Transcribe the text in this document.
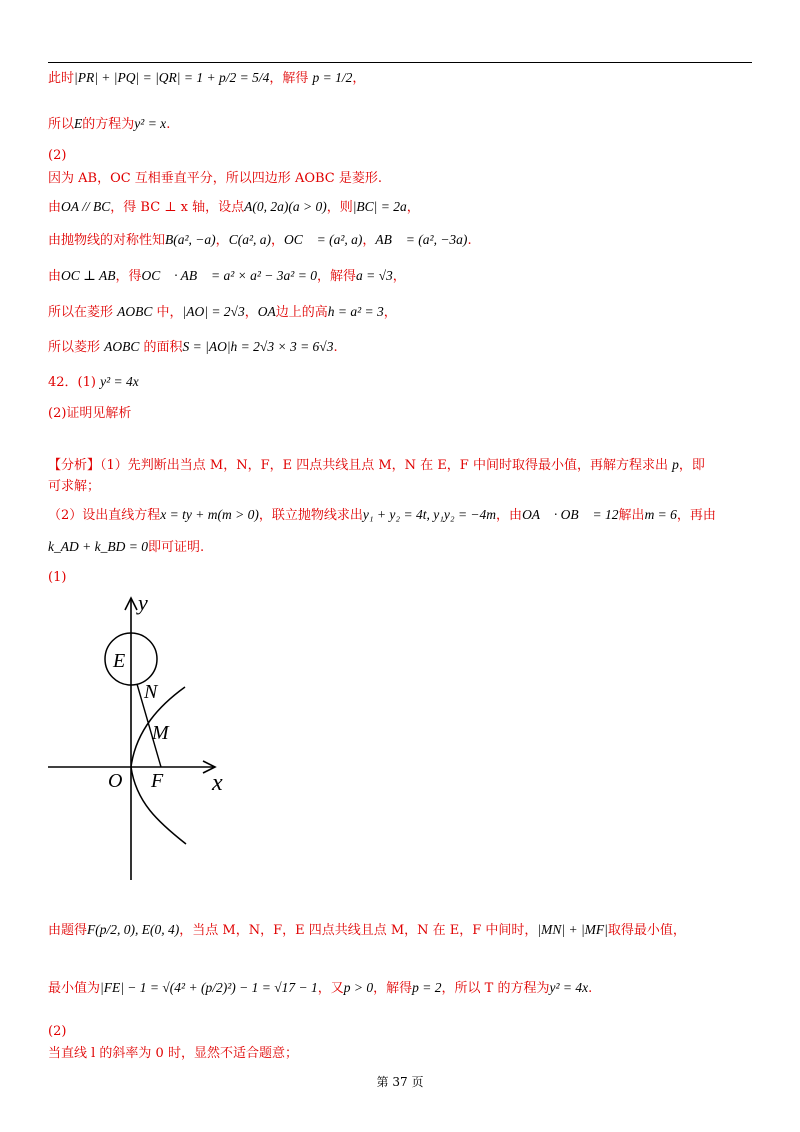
此时|PR| + |PQ| = |QR| = 1 + p/2 = 5/4，解得 p = 1/2，
所以E的方程为y² = x.
(2)
因为 AB，OC 互相垂直平分，所以四边形 AOBC 是菱形.
由OA // BC，得 BC ⊥ x 轴，设点A(0, 2a)(a > 0)，则|BC| = 2a，
由抛物线的对称性知B(a², −a)，C(a², a)，OC⃗ = (a², a)，AB⃗ = (a², −3a).
由OC ⊥ AB，得OC⃗ · AB⃗ = a² × a² − 3a² = 0，解得a = √3，
所以在菱形 AOBC 中，|AO| = 2√3，OA边上的高h = a² = 3，
所以菱形 AOBC 的面积S = |AO|h = 2√3 × 3 = 6√3.
42．(1) y² = 4x
(2)证明见解析
【分析】（1）先判断出当点 M，N，F，E 四点共线且点 M，N 在 E，F 中间时取得最小值，再解方程求出 p，即
可求解；
（2）设出直线方程x = ty + m(m > 0)，联立抛物线求出y₁ + y₂ = 4t, y₁y₂ = −4m，由OA⃗ · OB⃗ = 12解出m = 6，再由
k_AD + k_BD = 0即可证明.
(1)
由题得F(p/2, 0), E(0, 4)，当点 M，N，F，E 四点共线且点 M，N 在 E，F 中间时，|MN| + |MF|取得最小值，
最小值为|FE| − 1 = √(4² + (p/2)²) − 1 = √17 − 1，又p > 0，解得p = 2，所以 T 的方程为y² = 4x.
(2)
当直线 l 的斜率为 0 时，显然不适合题意；
y
x
O
E
N
M
F
第 37 页
